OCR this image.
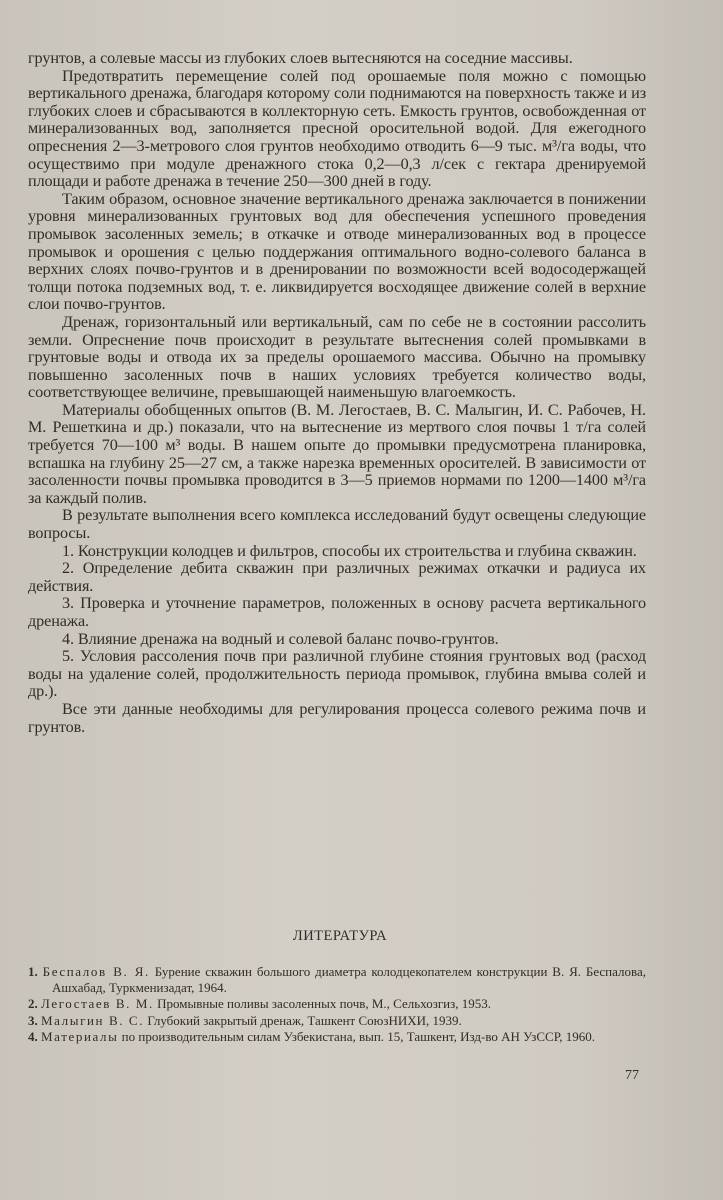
грунтов, а солевые массы из глубоких слоев вытесняются на соседние массивы.

Предотвратить перемещение солей под орошаемые поля можно с помощью вертикального дренажа, благодаря которому соли поднимаются на поверхность также и из глубоких слоев и сбрасываются в коллекторную сеть. Емкость грунтов, освобожденная от минерализованных вод, заполняется пресной оросительной водой. Для ежегодного опреснения 2—3-метрового слоя грунтов необходимо отводить 6—9 тыс. м³/га воды, что осуществимо при модуле дренажного стока 0,2—0,3 л/сек с гектара дренируемой площади и работе дренажа в течение 250—300 дней в году.

Таким образом, основное значение вертикального дренажа заключается в понижении уровня минерализованных грунтовых вод для обеспечения успешного проведения промывок засоленных земель; в откачке и отводе минерализованных вод в процессе промывок и орошения с целью поддержания оптимального водно-солевого баланса в верхних слоях почво-грунтов и в дренировании по возможности всей водосодержащей толщи потока подземных вод, т. е. ликвидируется восходящее движение солей в верхние слои почво-грунтов.

Дренаж, горизонтальный или вертикальный, сам по себе не в состоянии рассолить земли. Опреснение почв происходит в результате вытеснения солей промывками в грунтовые воды и отвода их за пределы орошаемого массива. Обычно на промывку повышенно засоленных почв в наших условиях требуется количество воды, соответствующее величине, превышающей наименьшую влагоемкость.

Материалы обобщенных опытов (В. М. Легостаев, В. С. Малыгин, И. С. Рабочев, Н. М. Решеткина и др.) показали, что на вытеснение из мертвого слоя почвы 1 т/га солей требуется 70—100 м³ воды. В нашем опыте до промывки предусмотрена планировка, вспашка на глубину 25—27 см, а также нарезка временных оросителей. В зависимости от засоленности почвы промывка проводится в 3—5 приемов нормами по 1200—1400 м³/га за каждый полив.

В результате выполнения всего комплекса исследований будут освещены следующие вопросы.

1. Конструкции колодцев и фильтров, способы их строительства и глубина скважин.

2. Определение дебита скважин при различных режимах откачки и радиуса их действия.

3. Проверка и уточнение параметров, положенных в основу расчета вертикального дренажа.

4. Влияние дренажа на водный и солевой баланс почво-грунтов.

5. Условия рассоления почв при различной глубине стояния грунтовых вод (расход воды на удаление солей, продолжительность периода промывок, глубина вмыва солей и др.).

Все эти данные необходимы для регулирования процесса солевого режима почв и грунтов.

ЛИТЕРАТУРА

1. Беспалов В. Я. Бурение скважин большого диаметра колодцекопателем конструкции В. Я. Беспалова, Ашхабад, Туркменизадат, 1964.

2. Легостаев В. М. Промывные поливы засоленных почв, М., Сельхозгиз, 1953.

3. Малыгин В. С. Глубокий закрытый дренаж, Ташкент СоюзНИХИ, 1939.

4. Материалы по производительным силам Узбекистана, вып. 15, Ташкент, Изд-во АН УзССР, 1960.

77
